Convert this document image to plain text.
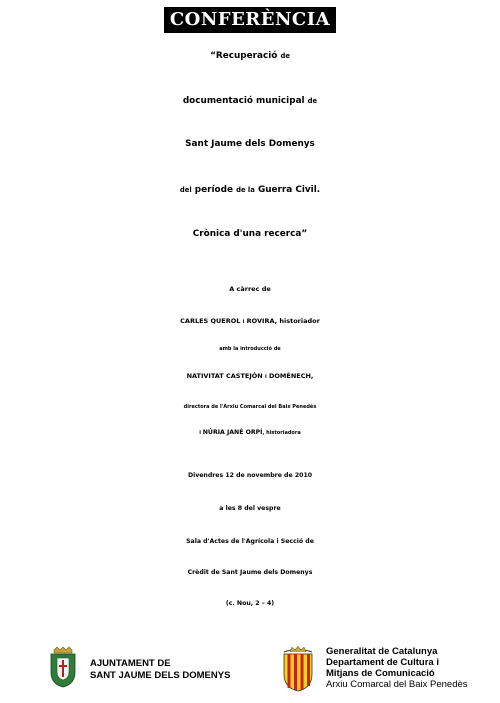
CONFERÈNCIA
“Recuperació de
documentació municipal de
Sant Jaume dels Domenys
del període de la Guerra Civil.
Crònica d'una recerca”
A càrrec de
CARLES QUEROL i ROVIRA, historiador
amb la introducció de
NATIVITAT CASTEJÓN i DOMÈNECH,
directora de l'Arxiu Comarcal del Baix Penedès
i NÚRIA JANÉ ORPÍ, historiadora
Divendres 12 de novembre de 2010
a les 8 del vespre
Sala d'Actes de l'Agrícola i Secció de
Crèdit de Sant Jaume dels Domenys
(c. Nou, 2 – 4)
AJUNTAMENT DE
SANT JAUME DELS DOMENYS
Generalitat de Catalunya
Departament de Cultura i
Mitjans de Comunicació
Arxiu Comarcal del Baix Penedès
